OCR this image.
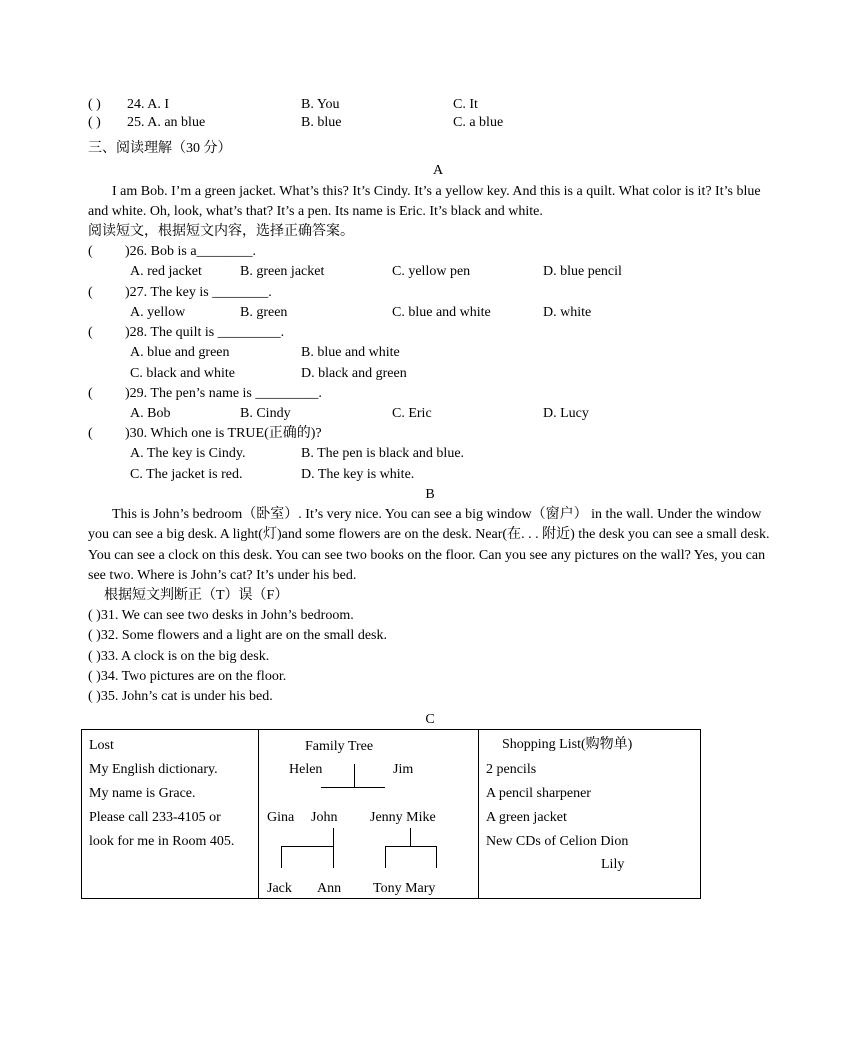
( ) 24. A. I	B. You	C. It
( ) 25. A. an blue	B. blue	C. a blue
三、阅读理解（30 分）
A
I am Bob. I’m a green jacket. What’s this? It’s Cindy. It’s a yellow key. And this is a quilt. What color is it? It’s blue and white. Oh, look, what’s that? It’s a pen. Its name is Eric. It’s black and white.
阅读短文，根据短文内容，选择正确答案。
( )26. Bob is a________.
A. red jacket	B. green jacket	C. yellow pen	D. blue pencil
( )27. The key is ________.
A. yellow	B. green	C. blue and white	D. white
( )28. The quilt is _________.
A. blue and green	B. blue and white
C. black and white	D. black and green
( )29. The pen’s name is _________.
A. Bob	B. Cindy	C. Eric	D. Lucy
( )30. Which one is TRUE(正确的)?
A. The key is Cindy.	B. The pen is black and blue.
C. The jacket is red.	D. The key is white.
B
This is John’s bedroom（卧室）. It’s very nice. You can see a big window（窗户） in the wall. Under the window you can see a big desk. A light(灯)and some flowers are on the desk. Near(在. . . 附近) the desk you can see a small desk. You can see a clock on this desk. You can see two books on the floor. Can you see any pictures on the wall? Yes, you can see two. Where is John’s cat? It’s under his bed.
根据短文判断正（T）误（F）
( )31. We can see two desks in John’s bedroom.
( )32. Some flowers and a light are on the small desk.
( )33. A clock is on the big desk.
( )34. Two pictures are on the floor.
( )35. John’s cat is under his bed.
C
Lost
My English dictionary.
My name is Grace.
Please call 233-4105 or
look for me in Room 405.

Family Tree
Helen	Jim
Gina John Jenny Mike
Jack Ann Tony Mary

Shopping List(购物单)
2 pencils
A pencil sharpener
A green jacket
New CDs of Celion Dion
Lily
